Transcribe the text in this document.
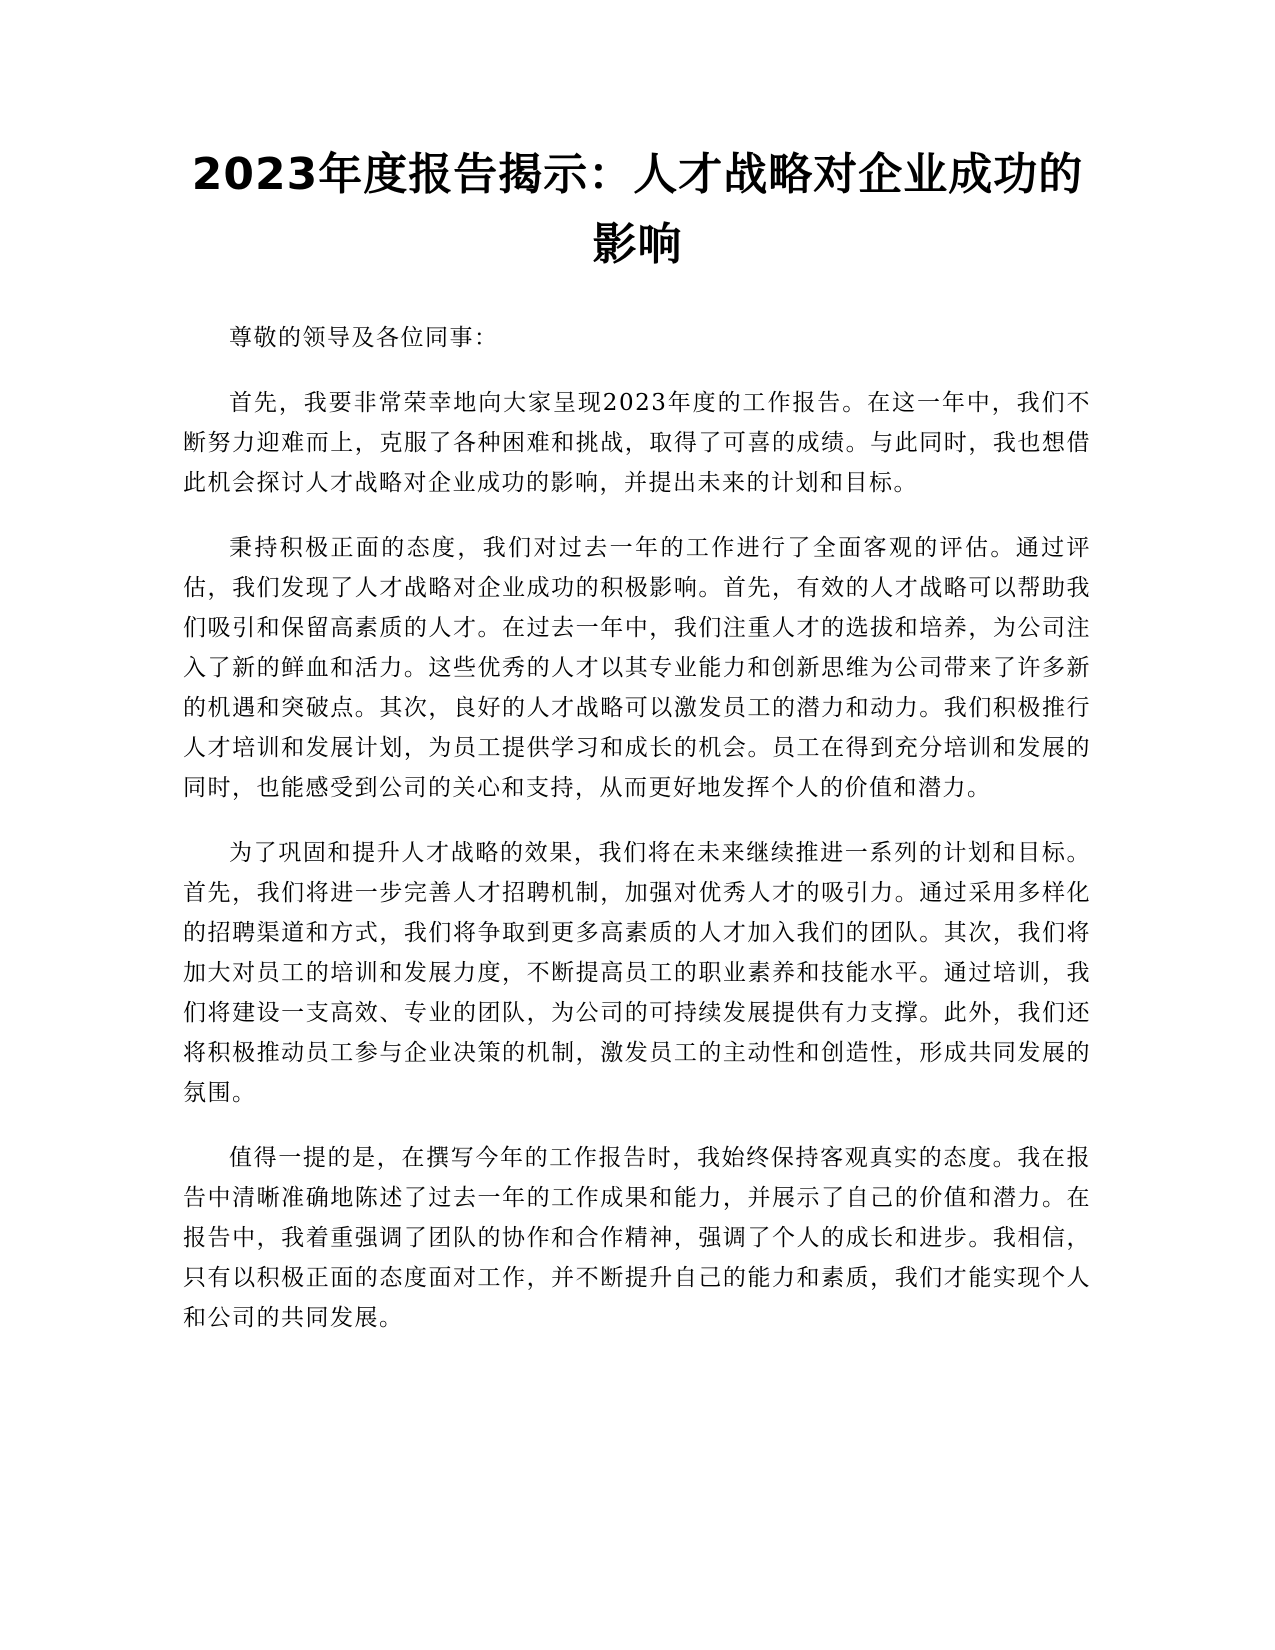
2023年度报告揭示：人才战略对企业成功的影响

尊敬的领导及各位同事：

首先，我要非常荣幸地向大家呈现2023年度的工作报告。在这一年中，我们不断努力迎难而上，克服了各种困难和挑战，取得了可喜的成绩。与此同时，我也想借此机会探讨人才战略对企业成功的影响，并提出未来的计划和目标。

秉持积极正面的态度，我们对过去一年的工作进行了全面客观的评估。通过评估，我们发现了人才战略对企业成功的积极影响。首先，有效的人才战略可以帮助我们吸引和保留高素质的人才。在过去一年中，我们注重人才的选拔和培养，为公司注入了新的鲜血和活力。这些优秀的人才以其专业能力和创新思维为公司带来了许多新的机遇和突破点。其次，良好的人才战略可以激发员工的潜力和动力。我们积极推行人才培训和发展计划，为员工提供学习和成长的机会。员工在得到充分培训和发展的同时，也能感受到公司的关心和支持，从而更好地发挥个人的价值和潜力。

为了巩固和提升人才战略的效果，我们将在未来继续推进一系列的计划和目标。首先，我们将进一步完善人才招聘机制，加强对优秀人才的吸引力。通过采用多样化的招聘渠道和方式，我们将争取到更多高素质的人才加入我们的团队。其次，我们将加大对员工的培训和发展力度，不断提高员工的职业素养和技能水平。通过培训，我们将建设一支高效、专业的团队，为公司的可持续发展提供有力支撑。此外，我们还将积极推动员工参与企业决策的机制，激发员工的主动性和创造性，形成共同发展的氛围。

值得一提的是，在撰写今年的工作报告时，我始终保持客观真实的态度。我在报告中清晰准确地陈述了过去一年的工作成果和能力，并展示了自己的价值和潜力。在报告中，我着重强调了团队的协作和合作精神，强调了个人的成长和进步。我相信，只有以积极正面的态度面对工作，并不断提升自己的能力和素质，我们才能实现个人和公司的共同发展。
